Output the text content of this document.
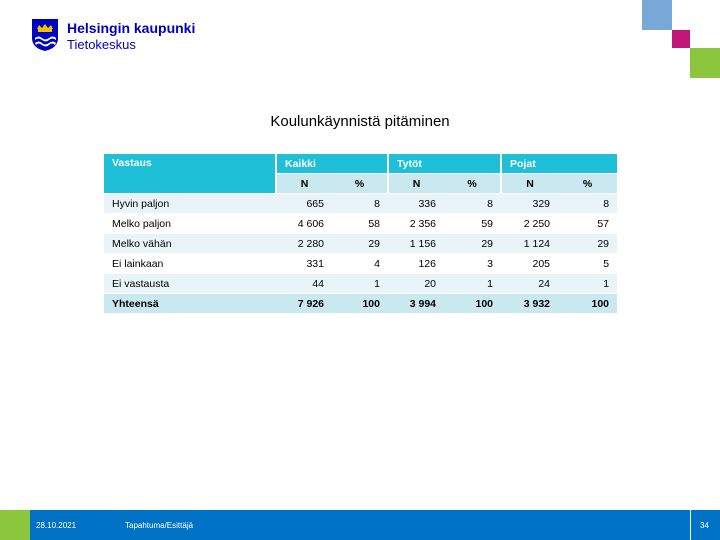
Helsingin kaupunki
Tietokeskus
Koulunkäynnistä pitäminen
Vastaus	Kaikki		Tytöt		Pojat	
	N	%	N	%	N	%
Hyvin paljon	665	8	336	8	329	8
Melko paljon	4 606	58	2 356	59	2 250	57
Melko vähän	2 280	29	1 156	29	1 124	29
Ei lainkaan	331	4	126	3	205	5
Ei vastausta	44	1	20	1	24	1
Yhteensä	7 926	100	3 994	100	3 932	100
28.10.2021	Tapahtuma/Esittäjä	34
